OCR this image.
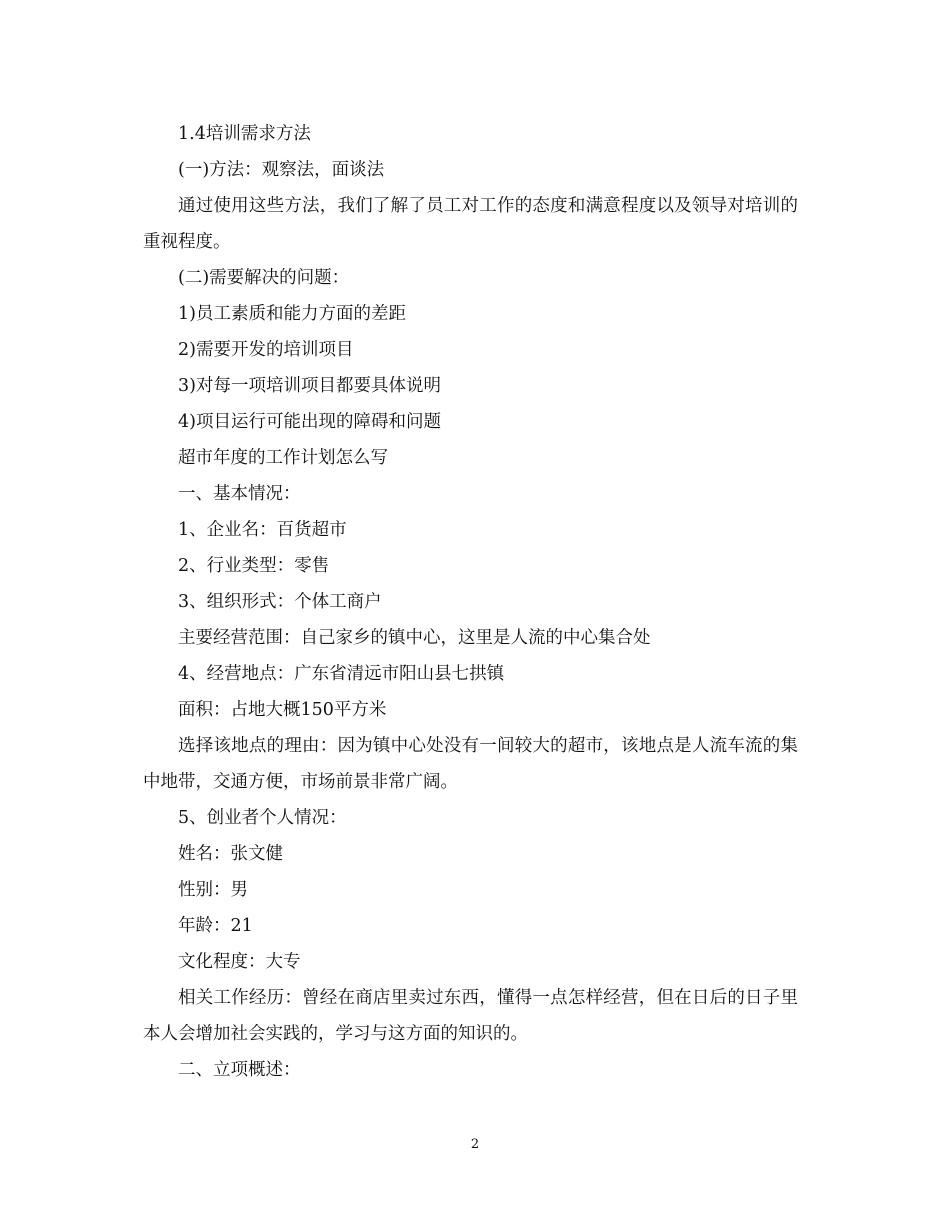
1.4培训需求方法

(一)方法：观察法，面谈法

通过使用这些方法，我们了解了员工对工作的态度和满意程度以及领导对培训的重视程度。

(二)需要解决的问题：

1)员工素质和能力方面的差距

2)需要开发的培训项目

3)对每一项培训项目都要具体说明

4)项目运行可能出现的障碍和问题

超市年度的工作计划怎么写

一、基本情况：

1、企业名：百货超市

2、行业类型：零售

3、组织形式：个体工商户

主要经营范围：自己家乡的镇中心，这里是人流的中心集合处

4、经营地点：广东省清远市阳山县七拱镇

面积：占地大概150平方米

选择该地点的理由：因为镇中心处没有一间较大的超市，该地点是人流车流的集中地带，交通方便，市场前景非常广阔。

5、创业者个人情况：

姓名：张文健

性别：男

年龄：21

文化程度：大专

相关工作经历：曾经在商店里卖过东西，懂得一点怎样经营，但在日后的日子里本人会增加社会实践的，学习与这方面的知识的。

二、立项概述：

2
